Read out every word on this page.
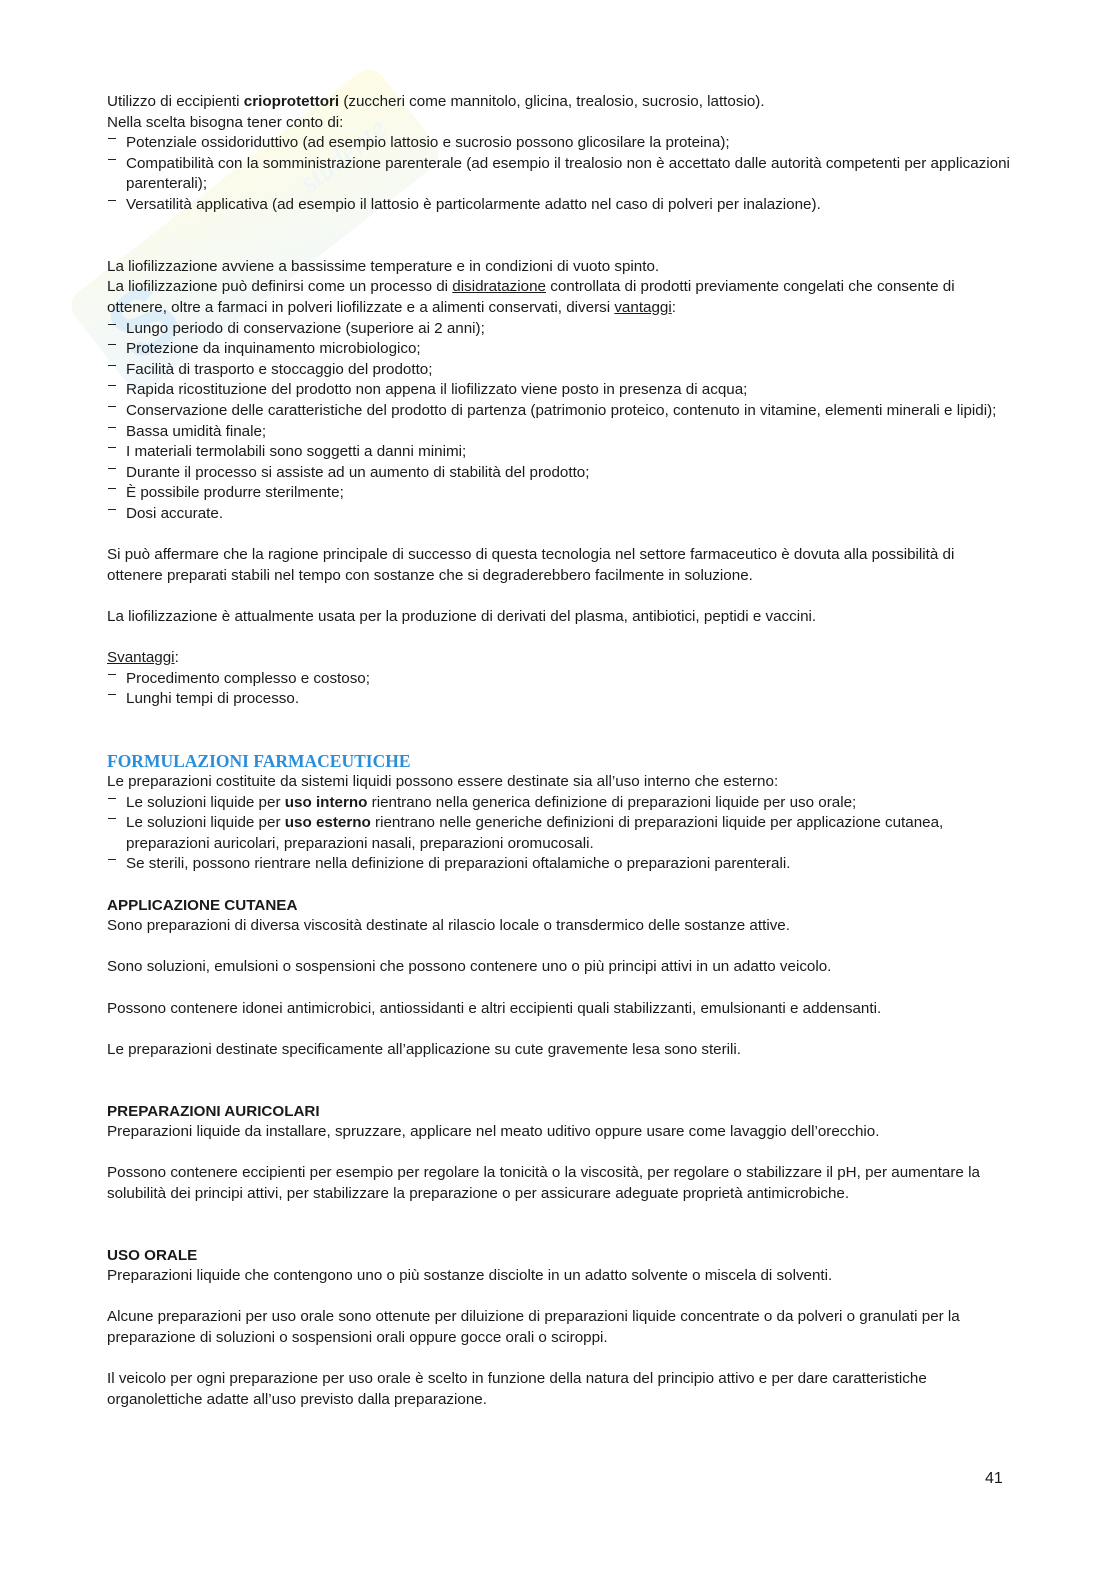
S
studente

Utilizzo di eccipienti crioprotettori (zuccheri come mannitolo, glicina, trealosio, sucrosio, lattosio).

Nella scelta bisogna tener conto di:

Potenziale ossidoriduttivo (ad esempio lattosio e sucrosio possono glicosilare la proteina);
Compatibilità con la somministrazione parenterale (ad esempio il trealosio non è accettato dalle autorità competenti per applicazioni parenterali);
Versatilità applicativa (ad esempio il lattosio è particolarmente adatto nel caso di polveri per inalazione).

La liofilizzazione avviene a bassissime temperature e in condizioni di vuoto spinto.

La liofilizzazione può definirsi come un processo di disidratazione controllata di prodotti previamente congelati che consente di ottenere, oltre a farmaci in polveri liofilizzate e a alimenti conservati, diversi vantaggi:

Lungo periodo di conservazione (superiore ai 2 anni);
Protezione da inquinamento microbiologico;
Facilità di trasporto e stoccaggio del prodotto;
Rapida ricostituzione del prodotto non appena il liofilizzato viene posto in presenza di acqua;
Conservazione delle caratteristiche del prodotto di partenza (patrimonio proteico, contenuto in vitamine, elementi minerali e lipidi);
Bassa umidità finale;
I materiali termolabili sono soggetti a danni minimi;
Durante il processo si assiste ad un aumento di stabilità del prodotto;
È possibile produrre sterilmente;
Dosi accurate.

Si può affermare che la ragione principale di successo di questa tecnologia nel settore farmaceutico è dovuta alla possibilità di ottenere preparati stabili nel tempo con sostanze che si degraderebbero facilmente in soluzione.

La liofilizzazione è attualmente usata per la produzione di derivati del plasma, antibiotici, peptidi e vaccini.

Svantaggi:

Procedimento complesso e costoso;
Lunghi tempi di processo.
FORMULAZIONI FARMACEUTICHE

Le preparazioni costituite da sistemi liquidi possono essere destinate sia all’uso interno che esterno:

Le soluzioni liquide per uso interno rientrano nella generica definizione di preparazioni liquide per uso orale;
Le soluzioni liquide per uso esterno rientrano nelle generiche definizioni di preparazioni liquide per applicazione cutanea, preparazioni auricolari, preparazioni nasali, preparazioni oromucosali.
Se sterili, possono rientrare nella definizione di preparazioni oftalamiche o preparazioni parenterali.
APPLICAZIONE CUTANEA

Sono preparazioni di diversa viscosità destinate al rilascio locale o transdermico delle sostanze attive.

Sono soluzioni, emulsioni o sospensioni che possono contenere uno o più principi attivi in un adatto veicolo.

Possono contenere idonei antimicrobici, antiossidanti e altri eccipienti quali stabilizzanti, emulsionanti e addensanti.

Le preparazioni destinate specificamente all’applicazione su cute gravemente lesa sono sterili.

PREPARAZIONI AURICOLARI

Preparazioni liquide da installare, spruzzare, applicare nel meato uditivo oppure usare come lavaggio dell’orecchio.

Possono contenere eccipienti per esempio per regolare la tonicità o la viscosità, per regolare o stabilizzare il pH, per aumentare la solubilità dei principi attivi, per stabilizzare la preparazione o per assicurare adeguate proprietà antimicrobiche.

USO ORALE

Preparazioni liquide che contengono uno o più sostanze disciolte in un adatto solvente o miscela di solventi.

Alcune preparazioni per uso orale sono ottenute per diluizione di preparazioni liquide concentrate o da polveri o granulati per la preparazione di soluzioni o sospensioni orali oppure gocce orali o sciroppi.

Il veicolo per ogni preparazione per uso orale è scelto in funzione della natura del principio attivo e per dare caratteristiche organolettiche adatte all’uso previsto dalla preparazione.

41
